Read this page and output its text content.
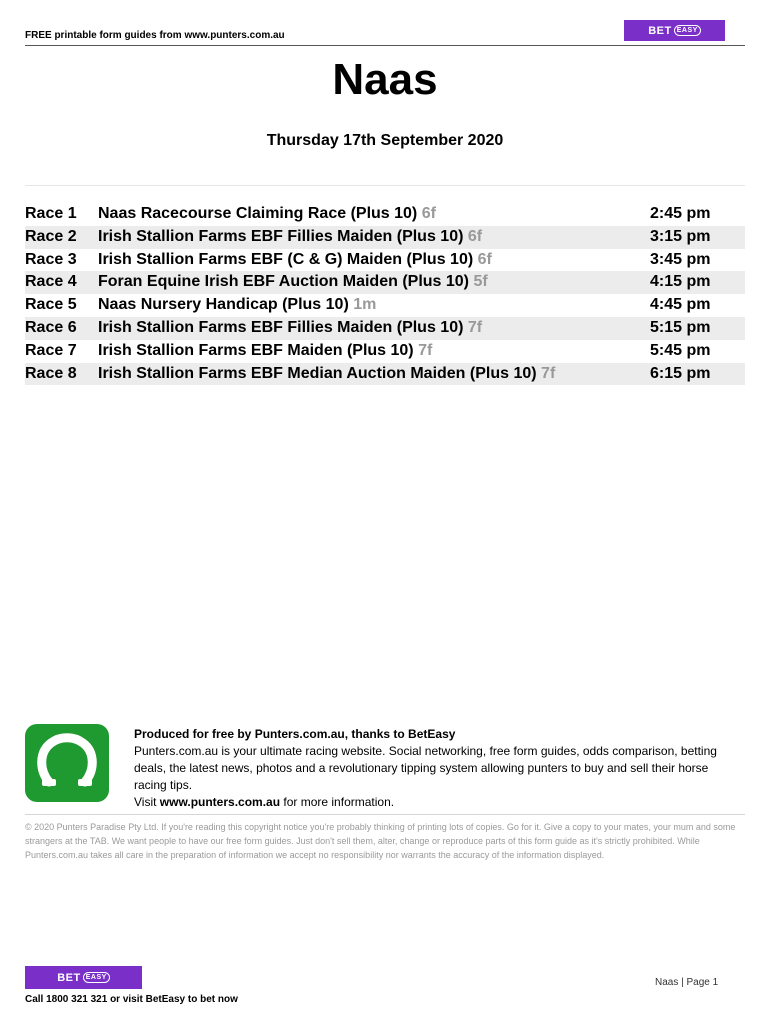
FREE printable form guides from www.punters.com.au	BET EASY
Naas
Thursday 17th September 2020
Race 1 Naas Racecourse Claiming Race (Plus 10) 6f	2:45 pm
Race 2 Irish Stallion Farms EBF Fillies Maiden (Plus 10) 6f	3:15 pm
Race 3 Irish Stallion Farms EBF (C & G) Maiden (Plus 10) 6f	3:45 pm
Race 4 Foran Equine Irish EBF Auction Maiden (Plus 10) 5f	4:15 pm
Race 5 Naas Nursery Handicap (Plus 10) 1m	4:45 pm
Race 6 Irish Stallion Farms EBF Fillies Maiden (Plus 10) 7f	5:15 pm
Race 7 Irish Stallion Farms EBF Maiden (Plus 10) 7f	5:45 pm
Race 8 Irish Stallion Farms EBF Median Auction Maiden (Plus 10) 7f	6:15 pm
Produced for free by Punters.com.au, thanks to BetEasy
Punters.com.au is your ultimate racing website. Social networking, free form guides, odds comparison, betting deals, the latest news, photos and a revolutionary tipping system allowing punters to buy and sell their horse racing tips.
Visit www.punters.com.au for more information.
© 2020 Punters Paradise Pty Ltd. If you're reading this copyright notice you're probably thinking of printing lots of copies. Go for it. Give a copy to your mates, your mum and some strangers at the TAB. We want people to have our free form guides. Just don't sell them, alter, change or reproduce parts of this form guide as it's strictly prohibited. While Punters.com.au takes all care in the preparation of information we accept no responsibility nor warrants the accuracy of the information displayed.
BET EASY
Call 1800 321 321 or visit BetEasy to bet now
Naas | Page 1
